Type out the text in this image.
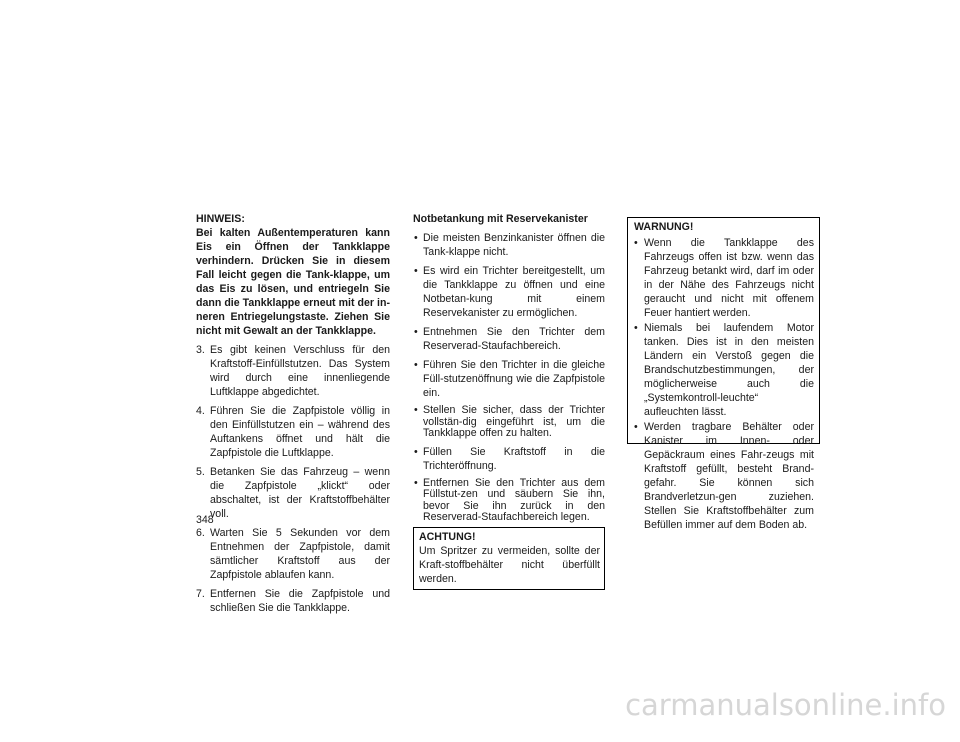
HINWEIS:

Bei kalten Außentemperaturen kann Eis ein Öffnen der Tankklappe verhindern. Drücken Sie in diesem Fall leicht gegen die Tank-klappe, um das Eis zu lösen, und entriegeln Sie dann die Tankklappe erneut mit der in-neren Entriegelungstaste. Ziehen Sie nicht mit Gewalt an der Tankklappe.

3. Es gibt keinen Verschluss für den Kraftstoff-Einfüllstutzen. Das System wird durch eine innenliegende Luftklappe abgedichtet.
4. Führen Sie die Zapfpistole völlig in den Einfüllstutzen ein – während des Auftankens öffnet und hält die Zapfpistole die Luftklappe.
5. Betanken Sie das Fahrzeug – wenn die Zapfpistole „klickt“ oder abschaltet, ist der Kraftstoffbehälter voll.
6. Warten Sie 5 Sekunden vor dem Entnehmen der Zapfpistole, damit sämtlicher Kraftstoff aus der Zapfpistole ablaufen kann.
7. Entfernen Sie die Zapfpistole und schließen Sie die Tankklappe.
348
Notbetankung mit Reservekanister
• Die meisten Benzinkanister öffnen die Tank-klappe nicht.
• Es wird ein Trichter bereitgestellt, um die Tankklappe zu öffnen und eine Notbetan-kung mit einem Reservekanister zu ermöglichen.
• Entnehmen Sie den Trichter dem Reserverad-Staufachbereich.
• Führen Sie den Trichter in die gleiche Füll-stutzenöffnung wie die Zapfpistole ein.
• Stellen Sie sicher, dass der Trichter vollstän-dig eingeführt ist, um die Tankklappe offen zu halten.
• Füllen Sie Kraftstoff in die Trichteröffnung.
• Entfernen Sie den Trichter aus dem Füllstut-zen und säubern Sie ihn, bevor Sie ihn zurück in den Reserverad-Staufachbereich legen.
ACHTUNG!
Um Spritzer zu vermeiden, sollte der Kraft-stoffbehälter nicht überfüllt werden.
WARNUNG!
• Wenn die Tankklappe des Fahrzeugs offen ist bzw. wenn das Fahrzeug betankt wird, darf im oder in der Nähe des Fahrzeugs nicht geraucht und nicht mit offenem Feuer hantiert werden.
• Niemals bei laufendem Motor tanken. Dies ist in den meisten Ländern ein Verstoß gegen die Brandschutzbestimmungen, der möglicherweise auch die „Systemkontroll-leuchte“ aufleuchten lässt.
• Werden tragbare Behälter oder Kanister im Innen- oder Gepäckraum eines Fahr-zeugs mit Kraftstoff gefüllt, besteht Brand-gefahr. Sie können sich Brandverletzun-gen zuziehen. Stellen Sie Kraftstoffbehälter zum Befüllen immer auf dem Boden ab.
carmanualsonline.info
